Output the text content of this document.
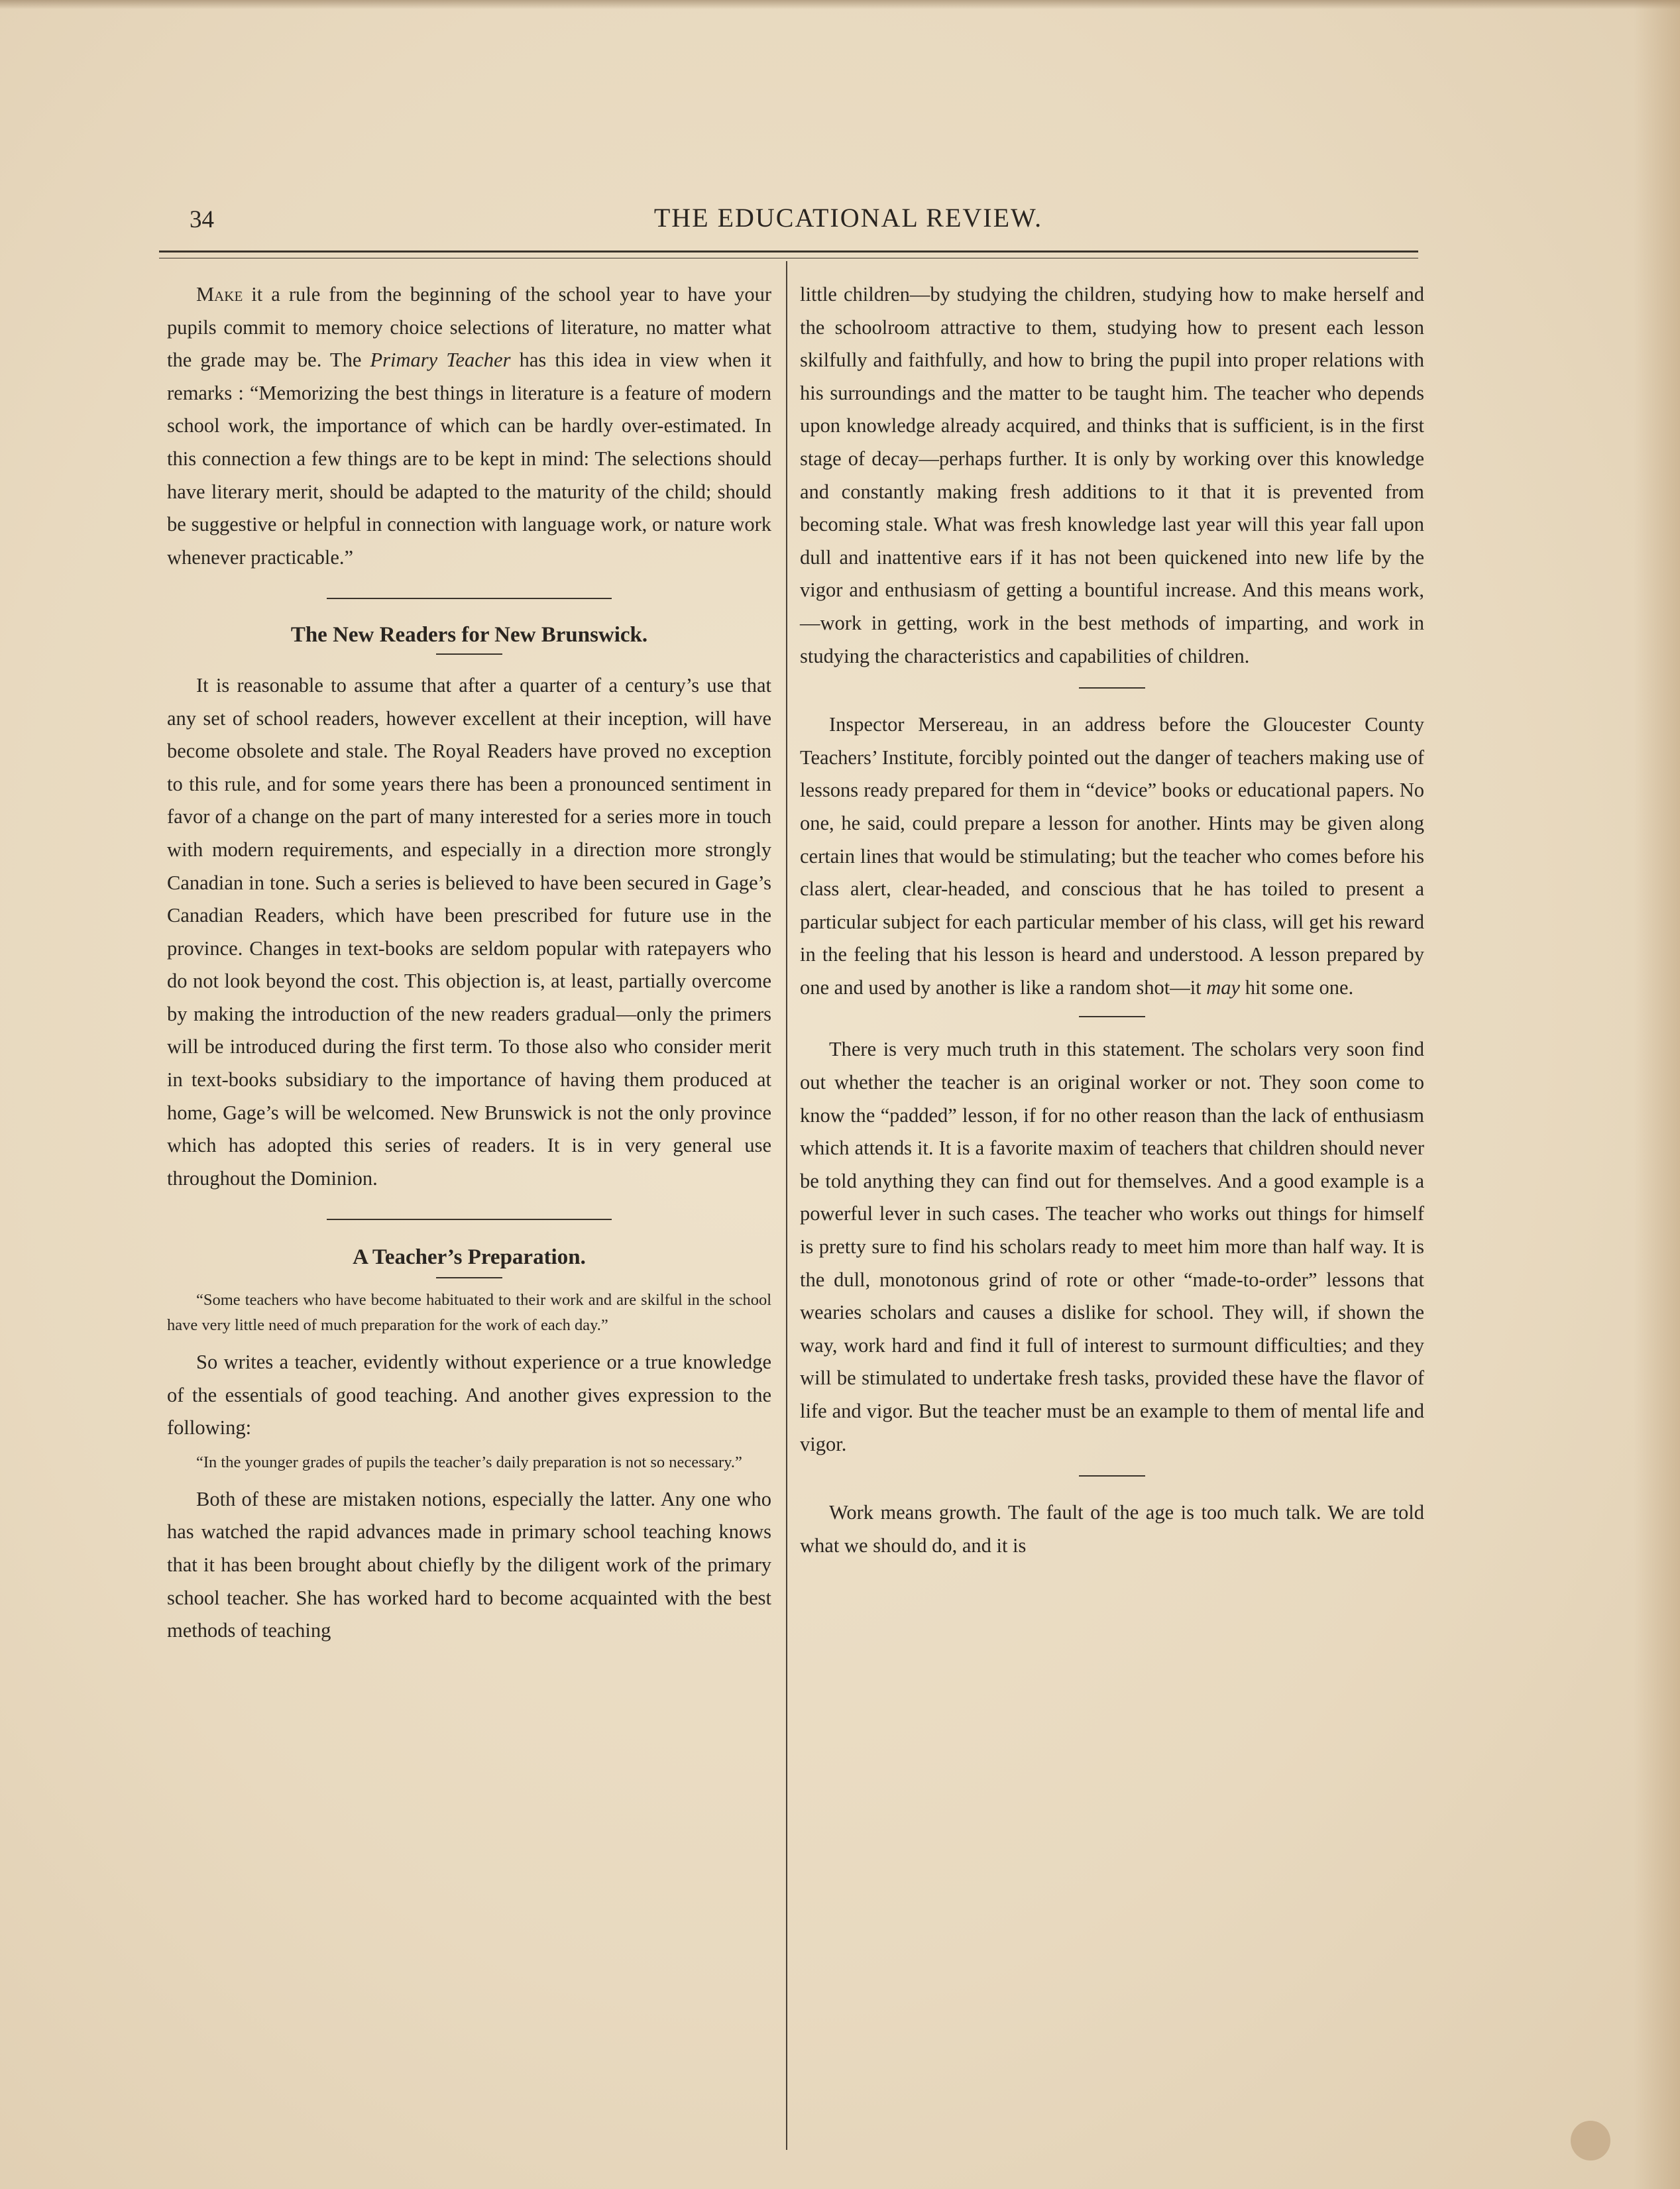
34	THE EDUCATIONAL REVIEW.

Make it a rule from the beginning of the school year to have your pupils commit to memory choice selections of literature, no matter what the grade may be. The Primary Teacher has this idea in view when it remarks : “Memorizing the best things in literature is a feature of modern school work, the importance of which can be hardly over-estimated. In this connection a few things are to be kept in mind: The selections should have literary merit, should be adapted to the maturity of the child; should be suggestive or helpful in connection with language work, or nature work whenever practicable.”

The New Readers for New Brunswick.

It is reasonable to assume that after a quarter of a century’s use that any set of school readers, however excellent at their inception, will have become obsolete and stale. The Royal Readers have proved no exception to this rule, and for some years there has been a pronounced sentiment in favor of a change on the part of many interested for a series more in touch with modern requirements, and especially in a direction more strongly Canadian in tone. Such a series is believed to have been secured in Gage’s Canadian Readers, which have been prescribed for future use in the province. Changes in text-books are seldom popular with ratepayers who do not look beyond the cost. This objection is, at least, partially overcome by making the introduction of the new readers gradual—only the primers will be introduced during the first term. To those also who consider merit in text-books subsidiary to the importance of having them produced at home, Gage’s will be welcomed. New Brunswick is not the only province which has adopted this series of readers. It is in very general use throughout the Dominion.

A Teacher’s Preparation.

“Some teachers who have become habituated to their work and are skilful in the school have very little need of much preparation for the work of each day.”

So writes a teacher, evidently without experience or a true knowledge of the essentials of good teaching. And another gives expression to the following:

“In the younger grades of pupils the teacher’s daily preparation is not so necessary.”

Both of these are mistaken notions, especially the latter. Any one who has watched the rapid advances made in primary school teaching knows that it has been brought about chiefly by the diligent work of the primary school teacher. She has worked hard to become acquainted with the best methods of teaching

little children—by studying the children, studying how to make herself and the schoolroom attractive to them, studying how to present each lesson skilfully and faithfully, and how to bring the pupil into proper relations with his surroundings and the matter to be taught him. The teacher who depends upon knowledge already acquired, and thinks that is sufficient, is in the first stage of decay—perhaps further. It is only by working over this knowledge and constantly making fresh additions to it that it is prevented from becoming stale. What was fresh knowledge last year will this year fall upon dull and inattentive ears if it has not been quickened into new life by the vigor and enthusiasm of getting a bountiful increase. And this means work,—work in getting, work in the best methods of imparting, and work in studying the characteristics and capabilities of children.

Inspector Mersereau, in an address before the Gloucester County Teachers’ Institute, forcibly pointed out the danger of teachers making use of lessons ready prepared for them in “device” books or educational papers. No one, he said, could prepare a lesson for another. Hints may be given along certain lines that would be stimulating; but the teacher who comes before his class alert, clear-headed, and conscious that he has toiled to present a particular subject for each particular member of his class, will get his reward in the feeling that his lesson is heard and understood. A lesson prepared by one and used by another is like a random shot—it may hit some one.

There is very much truth in this statement. The scholars very soon find out whether the teacher is an original worker or not. They soon come to know the “padded” lesson, if for no other reason than the lack of enthusiasm which attends it. It is a favorite maxim of teachers that children should never be told anything they can find out for themselves. And a good example is a powerful lever in such cases. The teacher who works out things for himself is pretty sure to find his scholars ready to meet him more than half way. It is the dull, monotonous grind of rote or other “made-to-order” lessons that wearies scholars and causes a dislike for school. They will, if shown the way, work hard and find it full of interest to surmount difficulties; and they will be stimulated to undertake fresh tasks, provided these have the flavor of life and vigor. But the teacher must be an example to them of mental life and vigor.

Work means growth. The fault of the age is too much talk. We are told what we should do, and it is
